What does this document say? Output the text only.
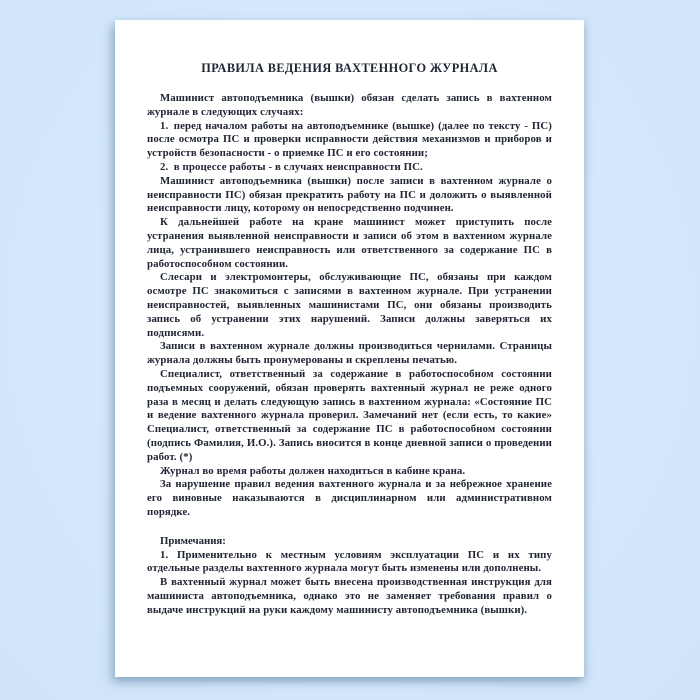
ПРАВИЛА ВЕДЕНИЯ ВАХТЕННОГО ЖУРНАЛА

Машинист автоподъемника (вышки) обязан сделать запись в вахтенном журнале в следующих случаях:

1. перед началом работы на автоподъемнике (вышке) (далее по тексту - ПС) после осмотра ПС и проверки исправности действия механизмов и приборов и устройств безопасности - о приемке ПС и его состоянии;

2. в процессе работы - в случаях неисправности ПС.

Машинист автоподъемника (вышки) после записи в вахтенном журнале о неисправности ПС) обязан прекратить работу на ПС и доложить о выявленной неисправности лицу, которому он непосредственно подчинен.

К дальнейшей работе на кране машинист может приступить после устранения выявленной неисправности и записи об этом в вахтенном журнале лица, устранившего неисправность или ответственного за содержание ПС в работоспособном состоянии.

Слесари и электромонтеры, обслуживающие ПС, обязаны при каждом осмотре ПС знакомиться с записями в вахтенном журнале. При устранении неисправностей, выявленных машинистами ПС, они обязаны производить запись об устранении этих нарушений. Записи должны заверяться их подписями.

Записи в вахтенном журнале должны производиться чернилами. Страницы журнала должны быть пронумерованы и скреплены печатью.

Специалист, ответственный за содержание в работоспособном состоянии подъемных сооружений, обязан проверять вахтенный журнал не реже одного раза в месяц и делать следующую запись в вахтенном журнала: «Состояние ПС и ведение вахтенного журнала проверил. Замечаний нет (если есть, то какие» Специалист, ответственный за содержание ПС в работоспособном состоянии (подпись Фамилия, И.О.). Запись вносится в конце дневной записи о проведении работ. (*)

Журнал во время работы должен находиться в кабине крана.

За нарушение правил ведения вахтенного журнала и за небрежное хранение его виновные наказываются в дисциплинарном или административном порядке.

Примечания:

1. Применительно к местным условиям эксплуатации ПС и их типу отдельные разделы вахтенного журнала могут быть изменены или дополнены.

В вахтенный журнал может быть внесена производственная инструкция для машиниста автоподъемника, однако это не заменяет требования правил о выдаче инструкций на руки каждому машинисту автоподъемника (вышки).
